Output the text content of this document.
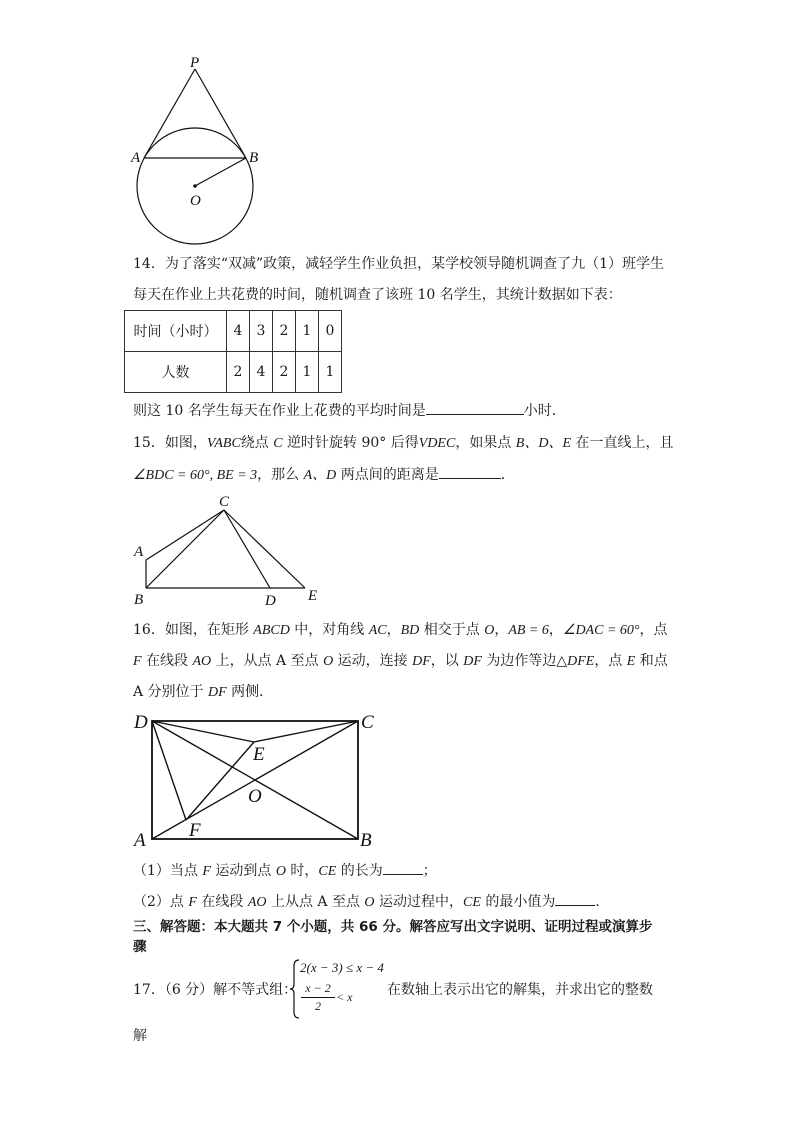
P
A	B
O
14．为了落实“双减”政策，减轻学生作业负担，某学校领导随机调查了九（1）班学生
每天在作业上共花费的时间，随机调查了该班 10 名学生，其统计数据如下表：
时间（小时）	4	3	2	1	0
人数	2	4	2	1	1
则这 10 名学生每天在作业上花费的平均时间是	小时．
15．如图，VABC绕点 C 逆时针旋转 90° 后得VDEC，如果点 B、D、E 在一直线上，且
∠BDC = 60°, BE = 3，那么 A、D 两点间的距离是	．
C
A
B	D E
16．如图，在矩形 ABCD 中，对角线 AC，BD 相交于点 O，AB = 6，∠DAC = 60°，点
F 在线段 AO 上，从点 A 至点 O 运动，连接 DF，以 DF 为边作等边△DFE，点 E 和点
A 分别位于 DF 两侧．
D	C
E
O
A F	B
（1）当点 F 运动到点 O 时，CE 的长为	；
（2）点 F 在线段 AO 上从点 A 至点 O 运动过程中，CE 的最小值为	．
三、解答题：本大题共 7 个小题，共 66 分。解答应写出文字说明、证明过程或演算步
骤
17．（6 分）解不等式组：
2(x − 3) ≤ x − 4
x − 2
2
< x 在数轴上表示出它的解集，并求出它的整数
解
